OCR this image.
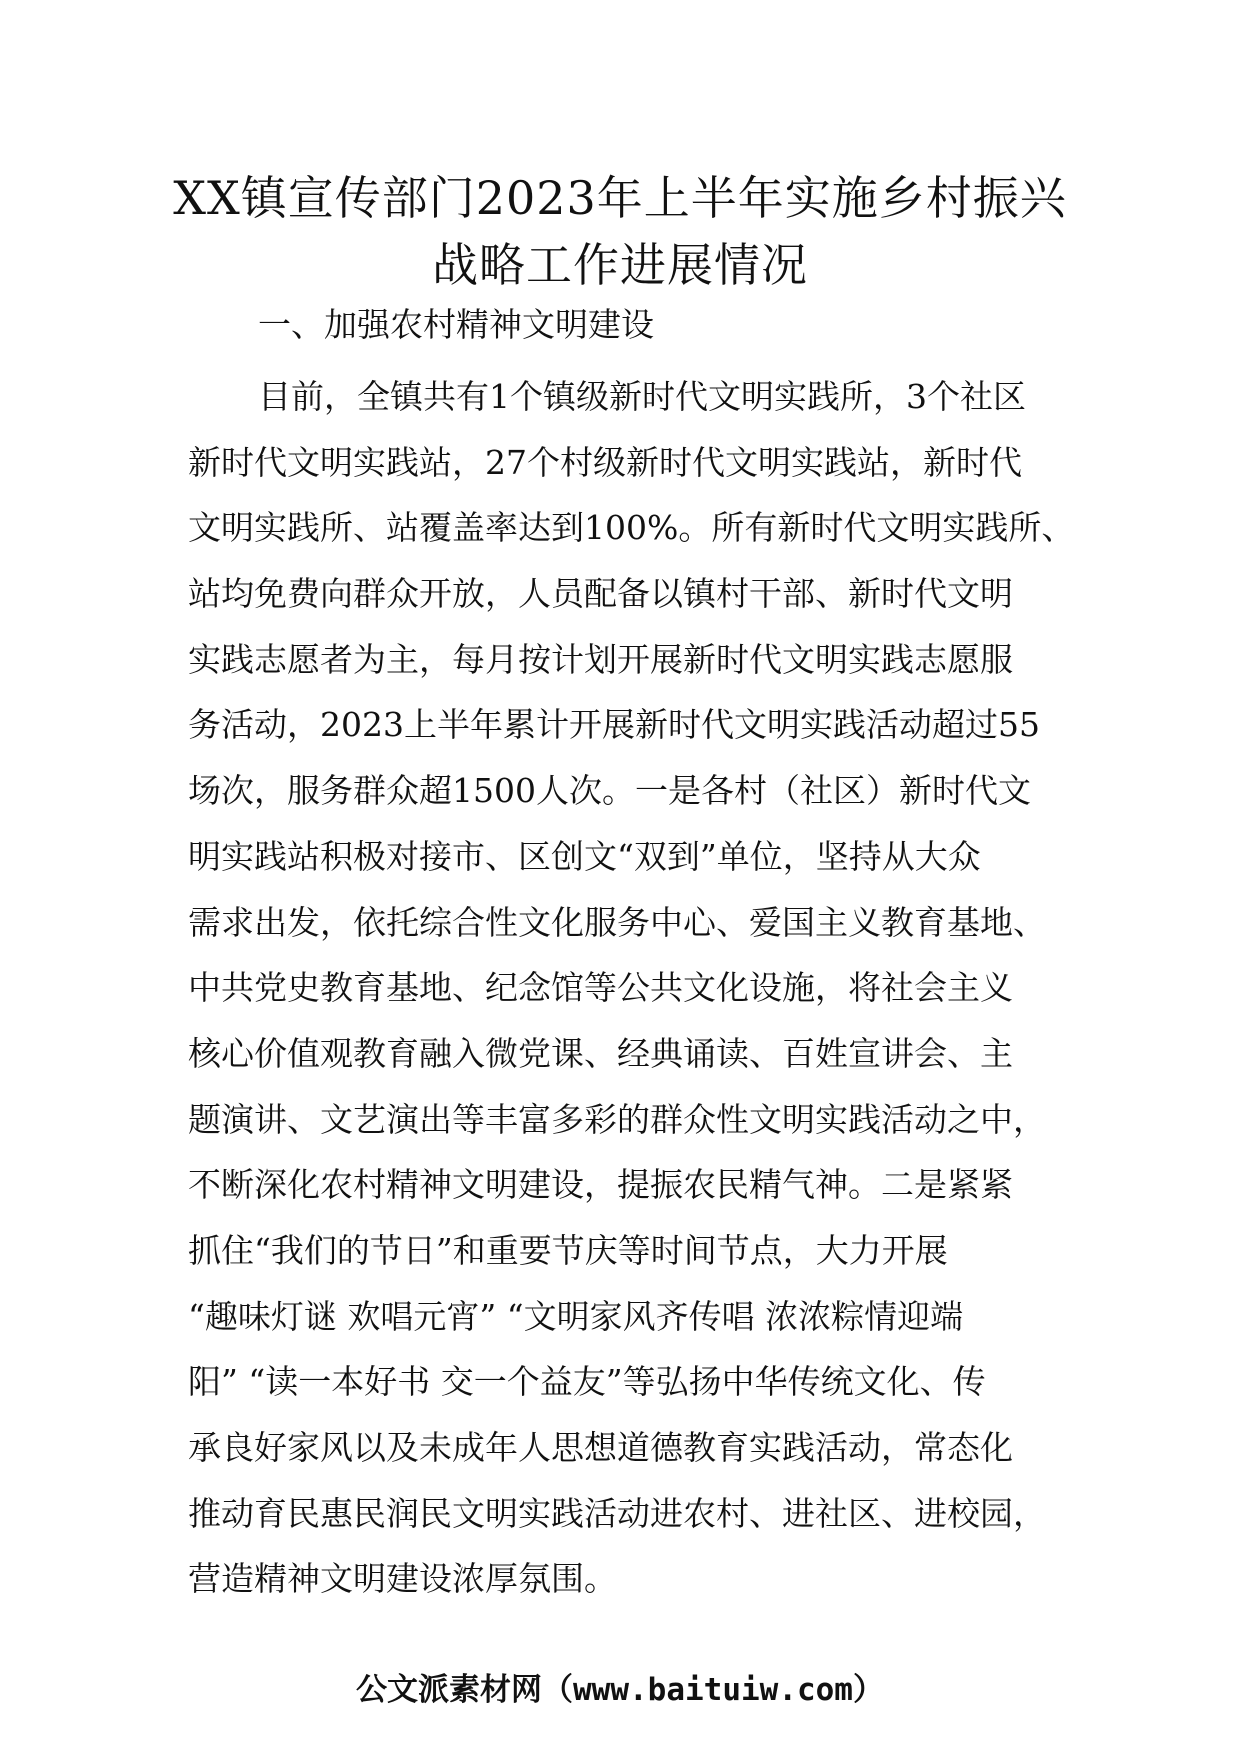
XX镇宣传部门2023年上半年实施乡村振兴
战略工作进展情况
一、加强农村精神文明建设
目前，全镇共有1个镇级新时代文明实践所，3个社区
新时代文明实践站，27个村级新时代文明实践站，新时代
文明实践所、站覆盖率达到100%。所有新时代文明实践所、
站均免费向群众开放，人员配备以镇村干部、新时代文明
实践志愿者为主，每月按计划开展新时代文明实践志愿服
务活动，2023上半年累计开展新时代文明实践活动超过55
场次，服务群众超1500人次。一是各村（社区）新时代文
明实践站积极对接市、区创文“双到”单位，坚持从大众
需求出发，依托综合性文化服务中心、爱国主义教育基地、
中共党史教育基地、纪念馆等公共文化设施，将社会主义
核心价值观教育融入微党课、经典诵读、百姓宣讲会、主
题演讲、文艺演出等丰富多彩的群众性文明实践活动之中，
不断深化农村精神文明建设，提振农民精气神。二是紧紧
抓住“我们的节日”和重要节庆等时间节点，大力开展
“趣味灯谜 欢唱元宵” “文明家风齐传唱 浓浓粽情迎端
阳” “读一本好书 交一个益友”等弘扬中华传统文化、传
承良好家风以及未成年人思想道德教育实践活动，常态化
推动育民惠民润民文明实践活动进农村、进社区、进校园，
营造精神文明建设浓厚氛围。
公文派素材网（www.baituiw.com）
